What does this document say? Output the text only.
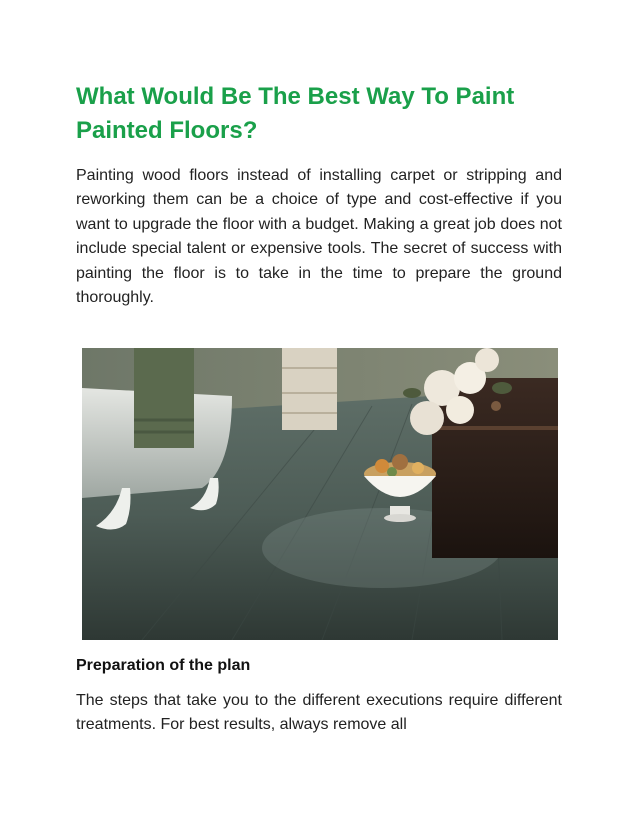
What Would Be The Best Way To Paint Painted Floors?

Painting wood floors instead of installing carpet or stripping and reworking them can be a choice of type and cost-effective if you want to upgrade the floor with a budget. Making a great job does not include special talent or expensive tools. The secret of success with painting the floor is to take in the time to prepare the ground thoroughly.

Preparation of the plan

The steps that take you to the different executions require different treatments. For best results, always remove all
